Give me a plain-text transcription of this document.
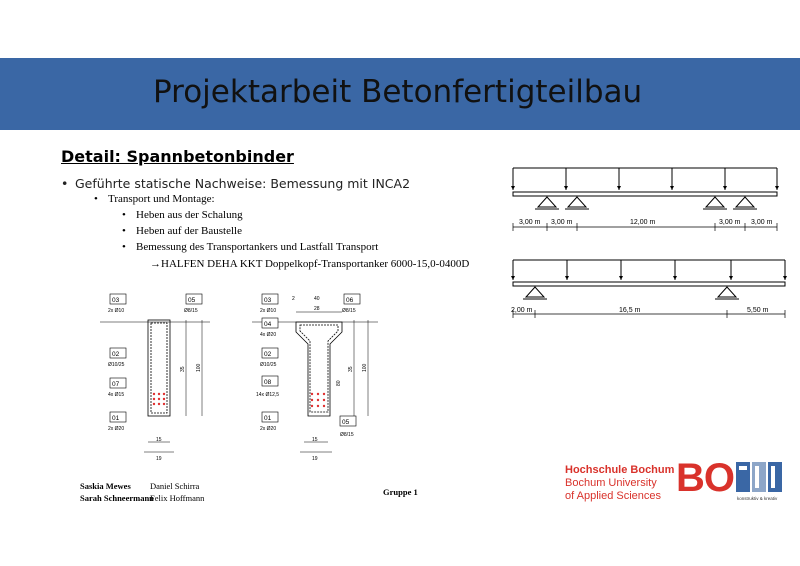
Projektarbeit Betonfertigteilbau
Detail: Spannbetonbinder
• Geführte statische Nachweise: Bemessung mit INCA2
• Transport und Montage:
• Heben aus der Schalung
• Heben auf der Baustelle
• Bemessung des Transportankers und Lastfall Transport
→HALFEN DEHA KKT Doppelkopf-Transportanker 6000-15,0-0400D
3,00 m 3,00 m	12,00 m	3,00 m 3,00 m
2,00 m	16,5 m	5,50 m
03	05
02
07
01
2x Ø10	Ø8/15
Ø10/25
4x Ø15
2x Ø20
35 100
15
19
03	06
04
02
08
01
05
2x Ø10	Ø8/15
4x Ø20
Ø10/25
14x Ø12,5
2x Ø20
Ø8/15
40
28
2
35 100
80
15
19
Saskia Mewes
Sarah Schneermann
Daniel Schirra
Felix Hoffmann
Gruppe 1
Hochschule Bochum
Bochum University
of Applied Sciences BO konstruktiv & kreativ
